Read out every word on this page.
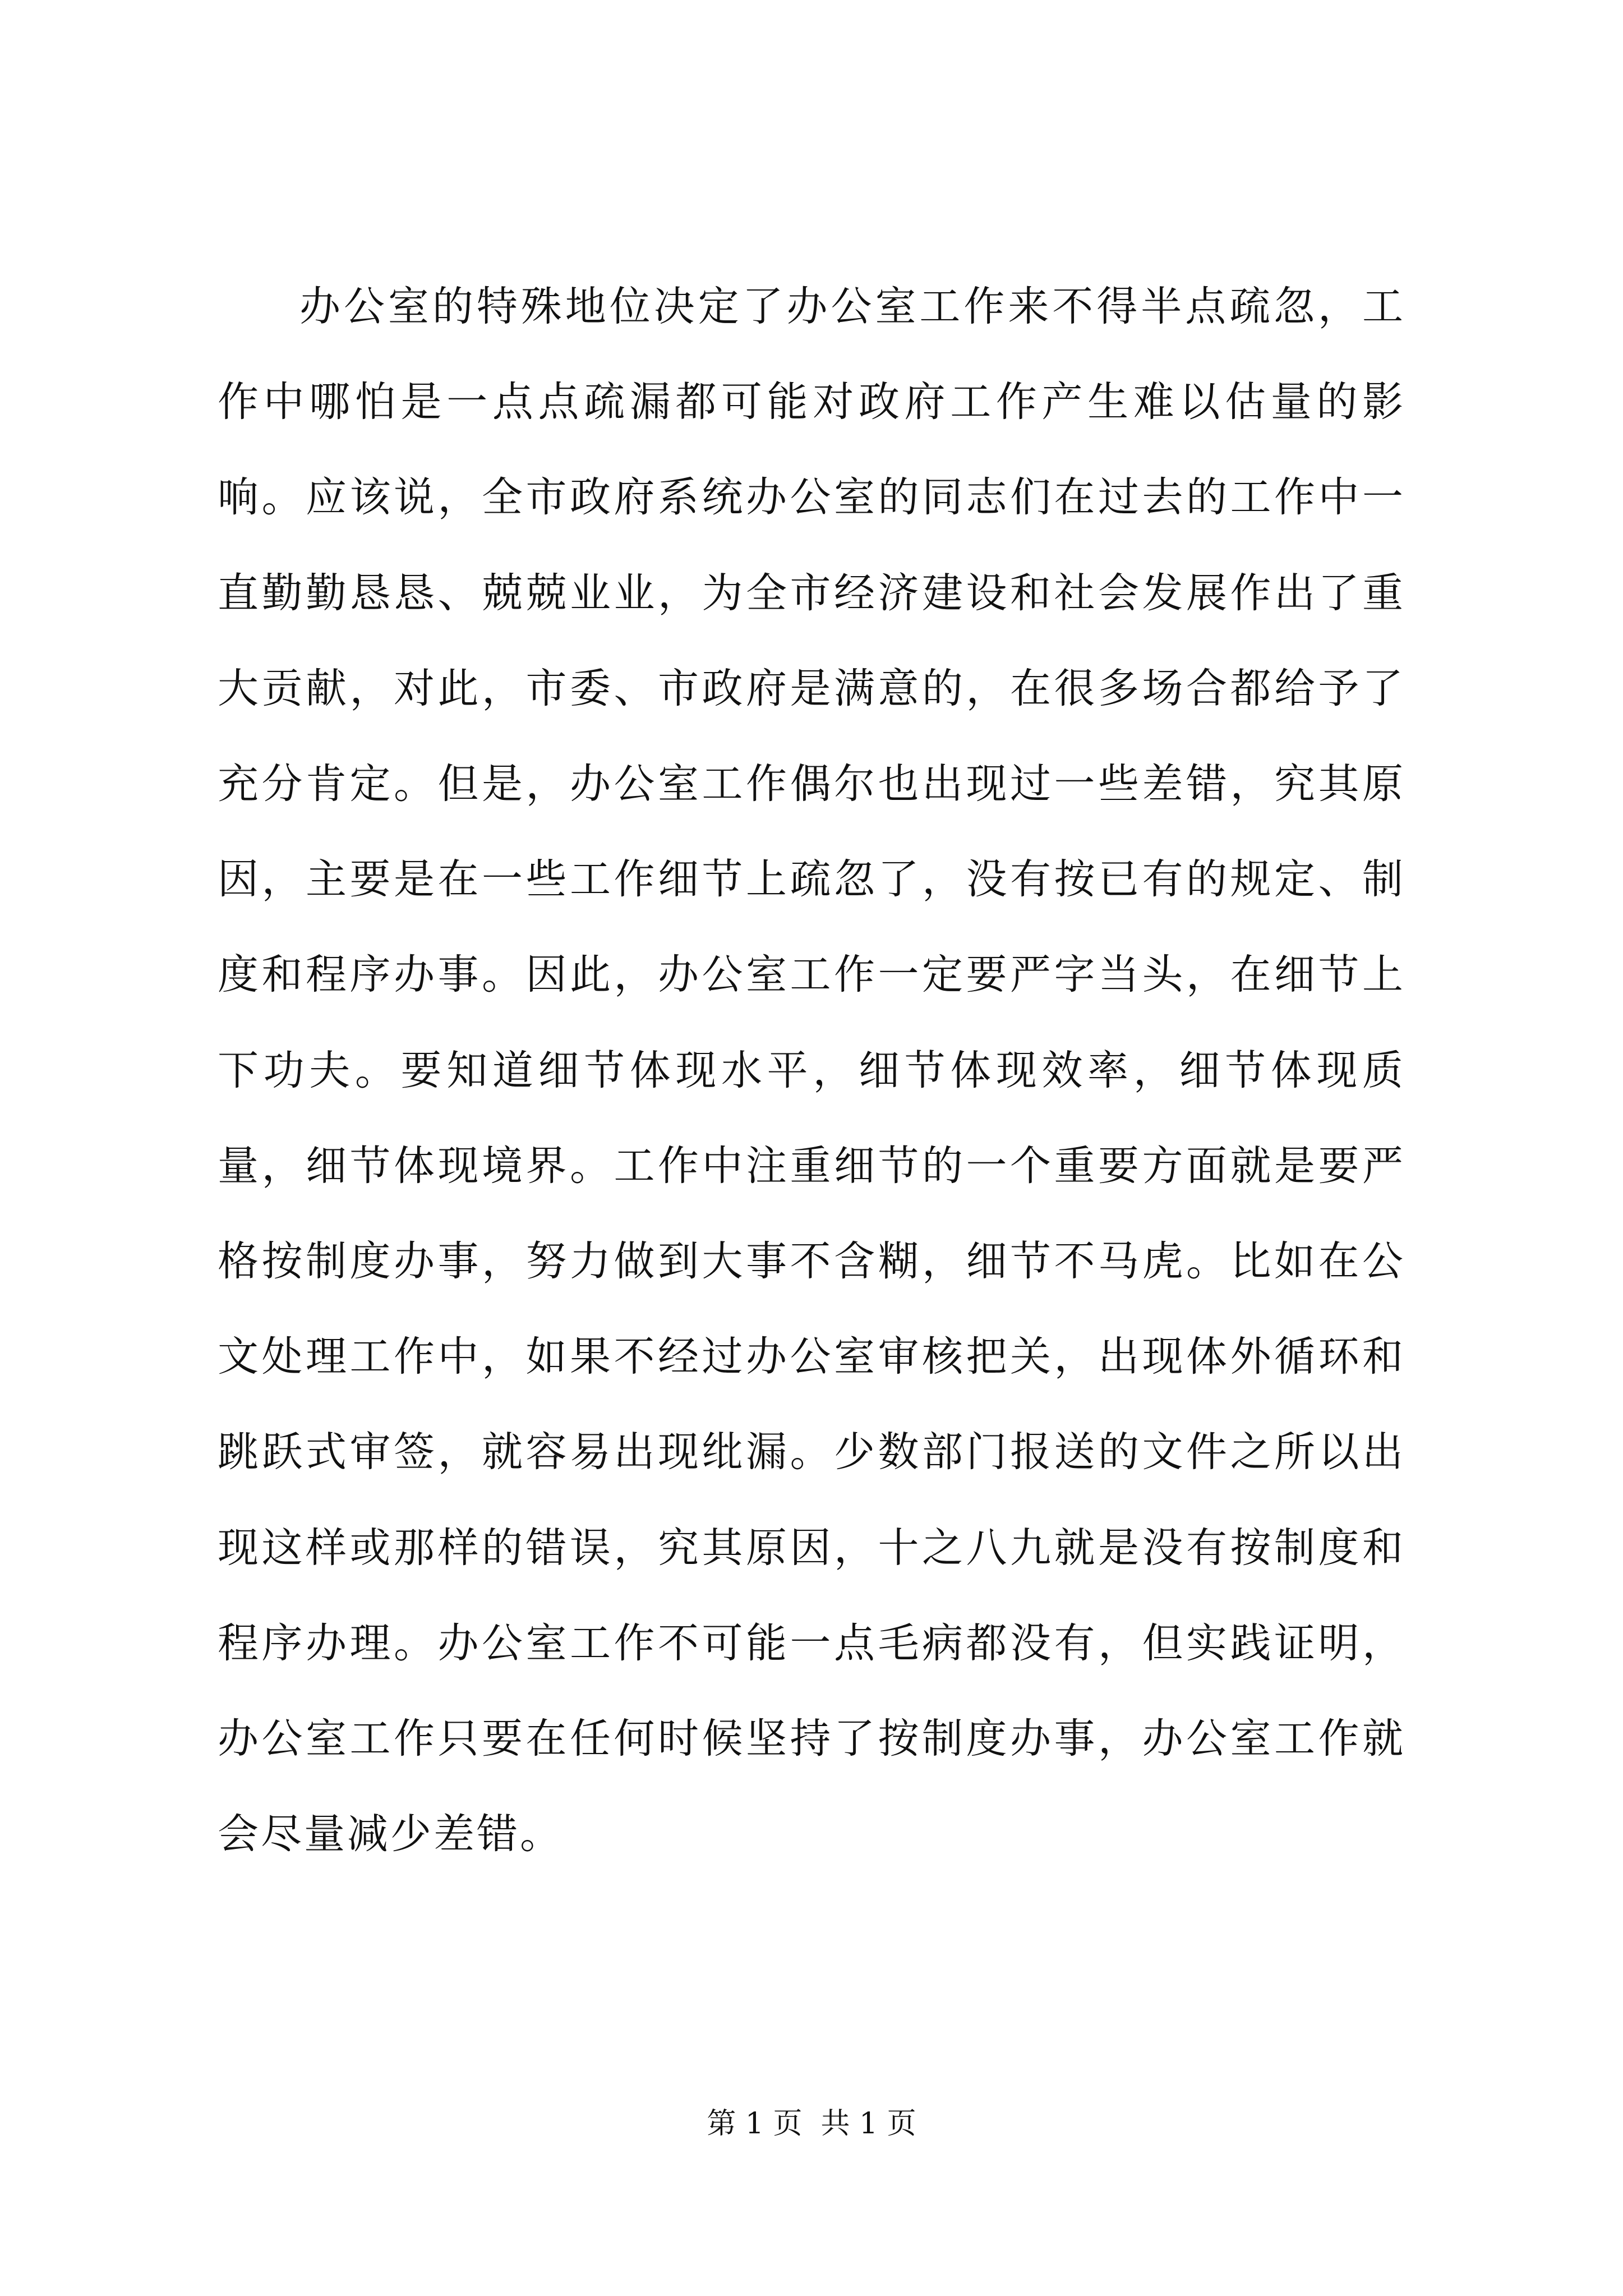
办公室的特殊地位决定了办公室工作来不得半点疏忽，工作中哪怕是一点点疏漏都可能对政府工作产生难以估量的影响。应该说，全市政府系统办公室的同志们在过去的工作中一直勤勤恳恳、兢兢业业，为全市经济建设和社会发展作出了重大贡献，对此，市委、市政府是满意的，在很多场合都给予了充分肯定。但是，办公室工作偶尔也出现过一些差错，究其原因，主要是在一些工作细节上疏忽了，没有按已有的规定、制度和程序办事。因此，办公室工作一定要严字当头，在细节上下功夫。要知道细节体现水平，细节体现效率，细节体现质量，细节体现境界。工作中注重细节的一个重要方面就是要严格按制度办事，努力做到大事不含糊，细节不马虎。比如在公文处理工作中，如果不经过办公室审核把关，出现体外循环和跳跃式审签，就容易出现纰漏。少数部门报送的文件之所以出现这样或那样的错误，究其原因，十之八九就是没有按制度和程序办理。办公室工作不可能一点毛病都没有，但实践证明，办公室工作只要在任何时候坚持了按制度办事，办公室工作就会尽量减少差错。

第 1 页  共 1 页
